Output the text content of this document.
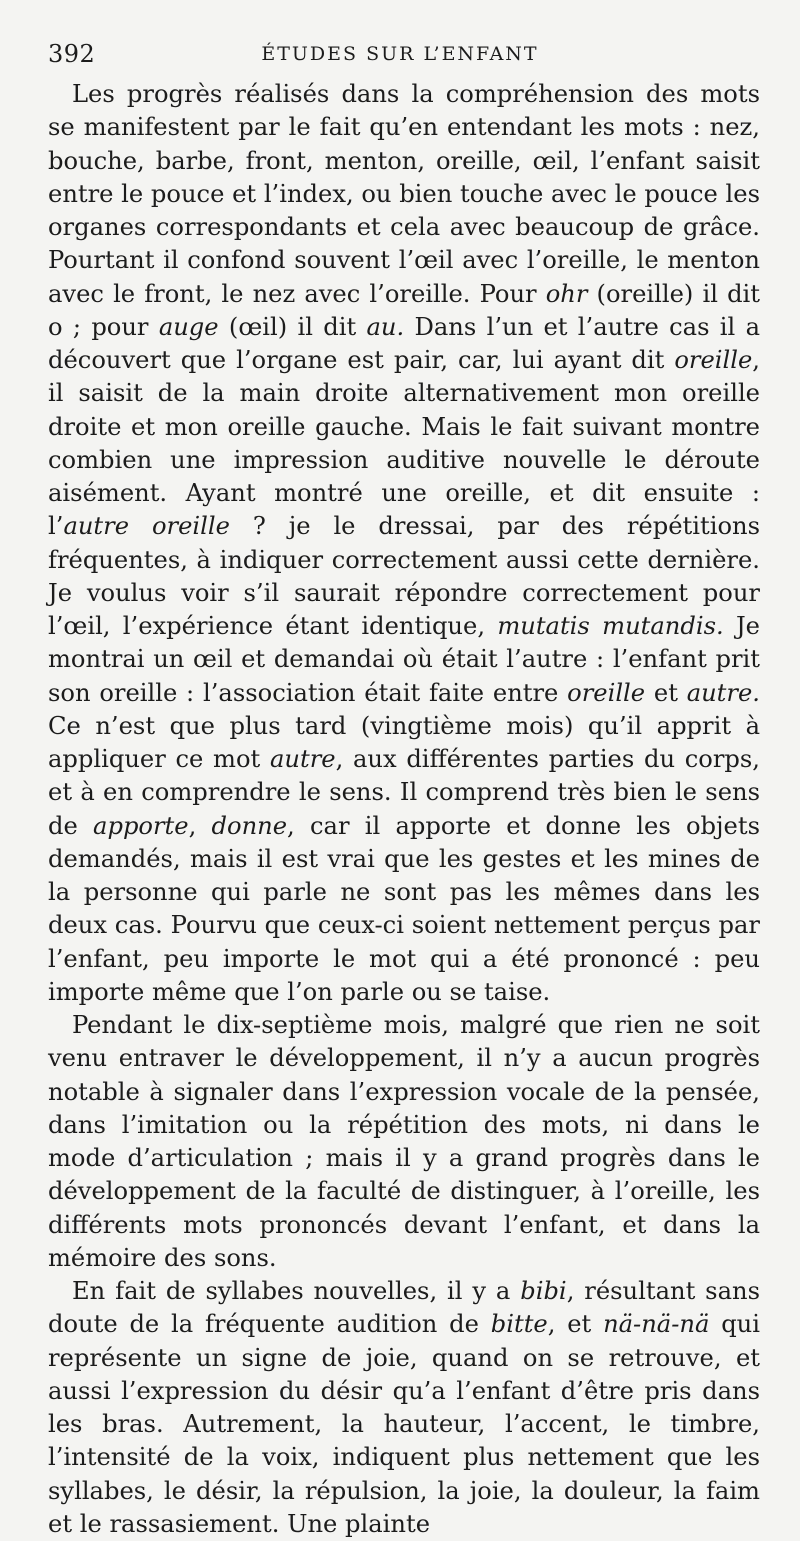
392	ÉTUDES SUR L’ENFANT

Les progrès réalisés dans la compréhension des mots se manifestent par le fait qu’en entendant les mots : nez, bouche, barbe, front, menton, oreille, œil, l’enfant saisit entre le pouce et l’index, ou bien touche avec le pouce les organes correspondants et cela avec beaucoup de grâce. Pourtant il confond souvent l’œil avec l’oreille, le menton avec le front, le nez avec l’oreille. Pour ohr (oreille) il dit o ; pour auge (œil) il dit au. Dans l’un et l’autre cas il a découvert que l’organe est pair, car, lui ayant dit oreille, il saisit de la main droite alternativement mon oreille droite et mon oreille gauche. Mais le fait suivant montre combien une impression auditive nouvelle le déroute aisément. Ayant montré une oreille, et dit ensuite : l’autre oreille ? je le dressai, par des répétitions fréquentes, à indiquer correctement aussi cette dernière. Je voulus voir s’il saurait répondre correctement pour l’œil, l’expérience étant identique, mutatis mutandis. Je montrai un œil et demandai où était l’autre : l’enfant prit son oreille : l’association était faite entre oreille et autre. Ce n’est que plus tard (vingtième mois) qu’il apprit à appliquer ce mot autre, aux différentes parties du corps, et à en comprendre le sens. Il comprend très bien le sens de apporte, donne, car il apporte et donne les objets demandés, mais il est vrai que les gestes et les mines de la personne qui parle ne sont pas les mêmes dans les deux cas. Pourvu que ceux-ci soient nettement perçus par l’enfant, peu importe le mot qui a été prononcé : peu importe même que l’on parle ou se taise.

Pendant le dix-septième mois, malgré que rien ne soit venu entraver le développement, il n’y a aucun progrès notable à signaler dans l’expression vocale de la pensée, dans l’imitation ou la répétition des mots, ni dans le mode d’articulation ; mais il y a grand progrès dans le développement de la faculté de distinguer, à l’oreille, les différents mots prononcés devant l’enfant, et dans la mémoire des sons.

En fait de syllabes nouvelles, il y a bibi, résultant sans doute de la fréquente audition de bitte, et nä-nä-nä qui représente un signe de joie, quand on se retrouve, et aussi l’expression du désir qu’a l’enfant d’être pris dans les bras. Autrement, la hauteur, l’accent, le timbre, l’intensité de la voix, indiquent plus nettement que les syllabes, le désir, la répulsion, la joie, la douleur, la faim et le rassasiement. Une plainte
